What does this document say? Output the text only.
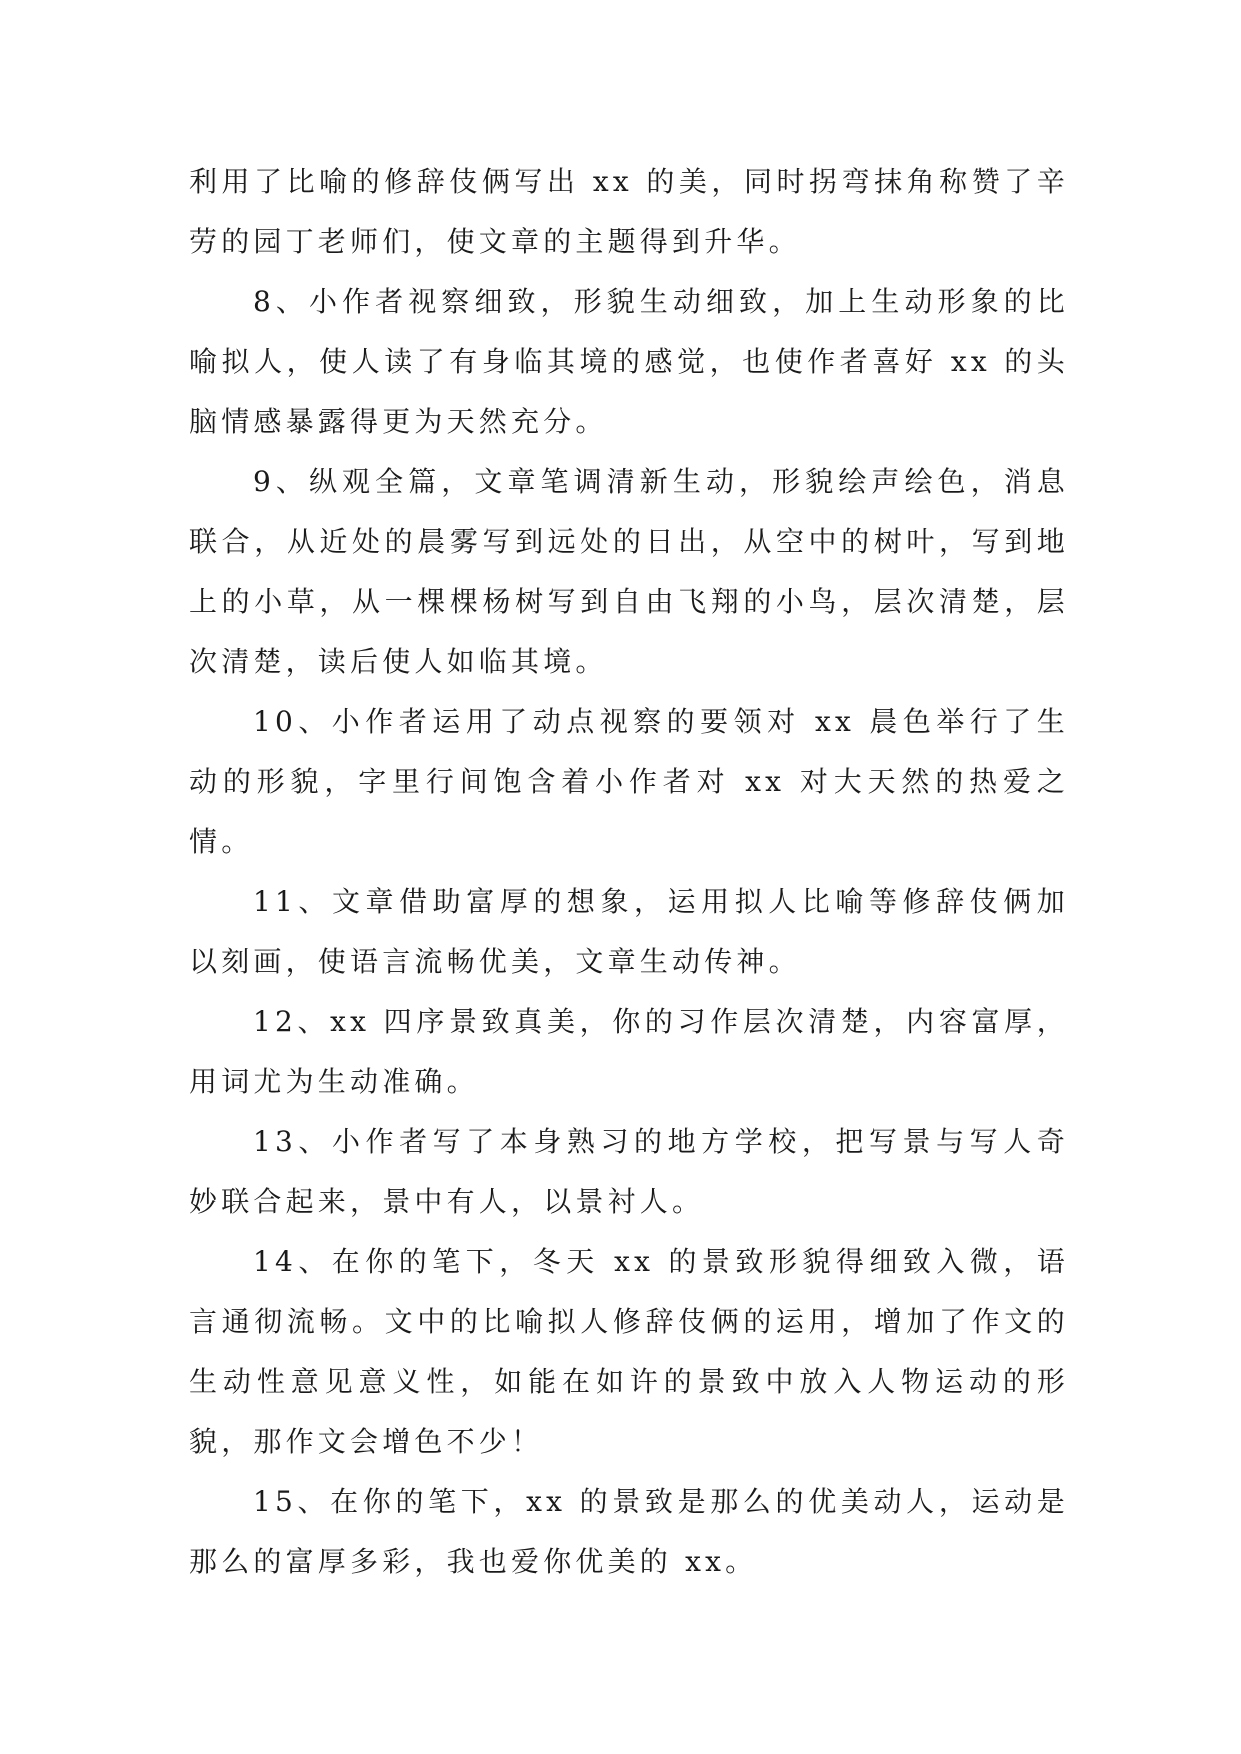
利用了比喻的修辞伎俩写出 xx 的美，同时拐弯抹角称赞了辛劳的园丁老师们，使文章的主题得到升华。

8、小作者视察细致，形貌生动细致，加上生动形象的比喻拟人，使人读了有身临其境的感觉，也使作者喜好 xx 的头脑情感暴露得更为天然充分。

9、纵观全篇，文章笔调清新生动，形貌绘声绘色，消息联合，从近处的晨雾写到远处的日出，从空中的树叶，写到地上的小草，从一棵棵杨树写到自由飞翔的小鸟，层次清楚，层次清楚，读后使人如临其境。

10、小作者运用了动点视察的要领对 xx 晨色举行了生动的形貌，字里行间饱含着小作者对 xx 对大天然的热爱之情。

11、文章借助富厚的想象，运用拟人比喻等修辞伎俩加以刻画，使语言流畅优美，文章生动传神。

12、xx 四序景致真美，你的习作层次清楚，内容富厚，用词尤为生动准确。

13、小作者写了本身熟习的地方学校，把写景与写人奇妙联合起来，景中有人，以景衬人。

14、在你的笔下，冬天 xx 的景致形貌得细致入微，语言通彻流畅。文中的比喻拟人修辞伎俩的运用，增加了作文的生动性意见意义性，如能在如许的景致中放入人物运动的形貌，那作文会增色不少！

15、在你的笔下，xx 的景致是那么的优美动人，运动是那么的富厚多彩，我也爱你优美的 xx。
